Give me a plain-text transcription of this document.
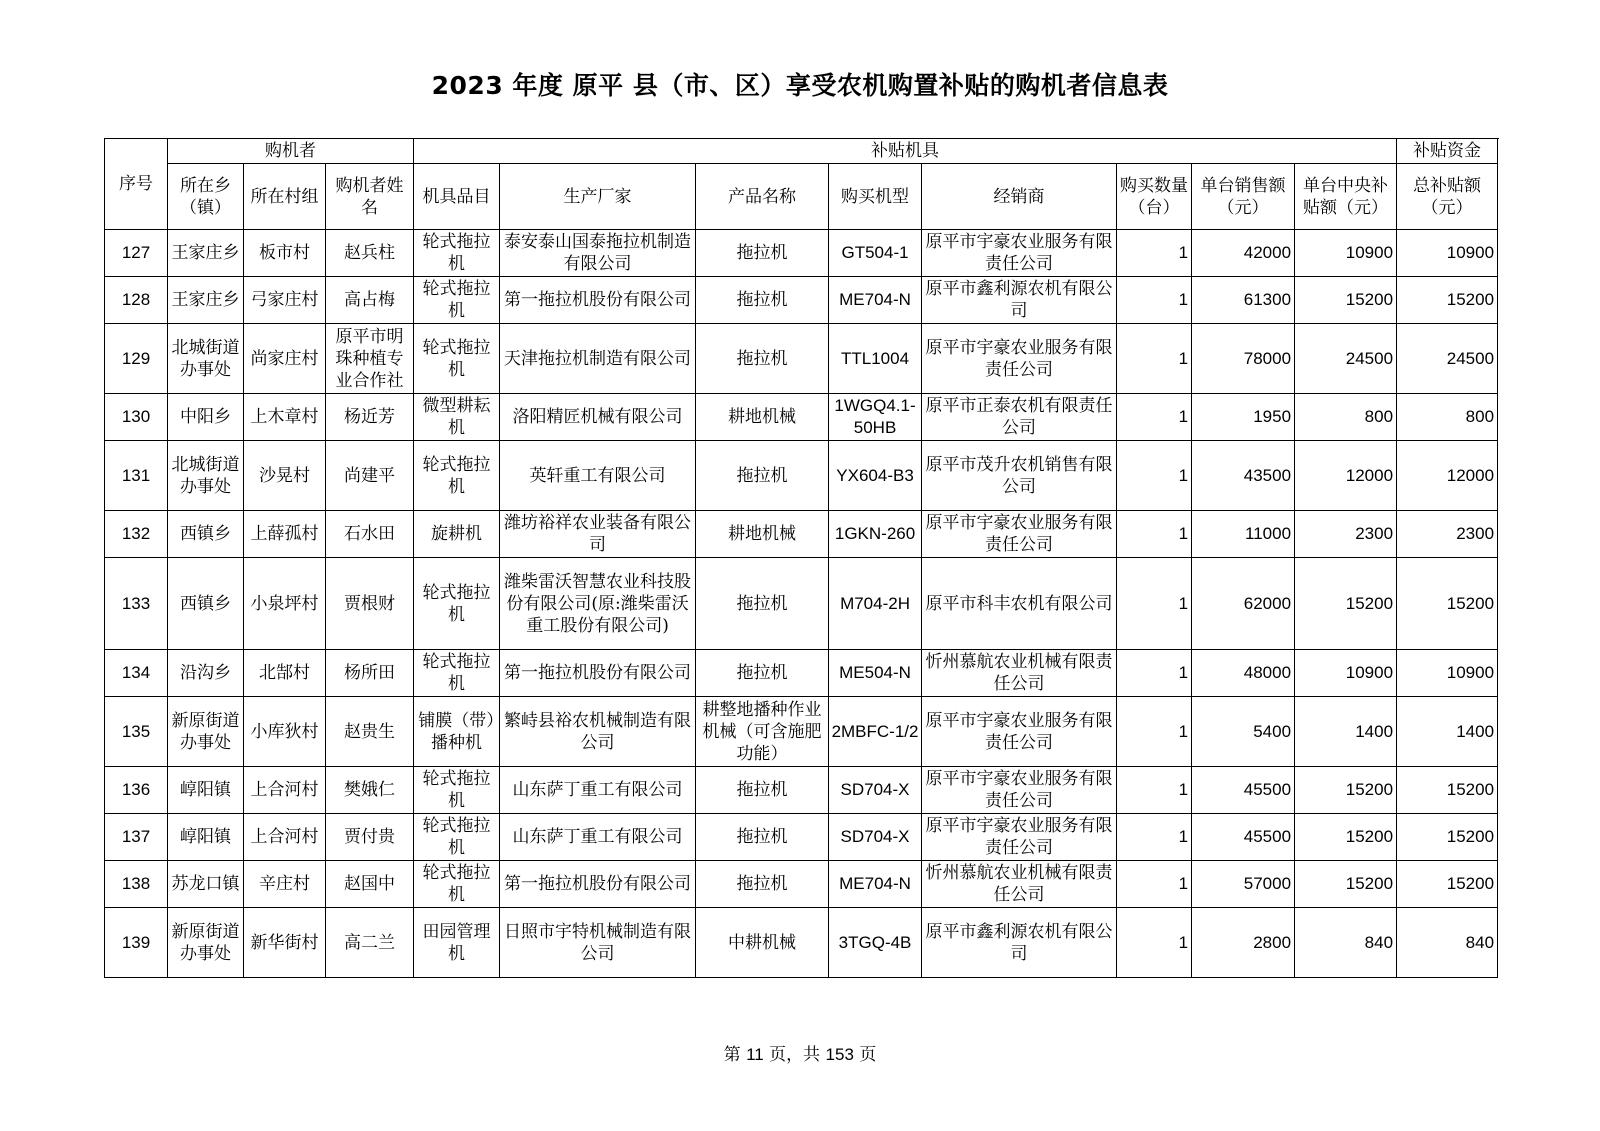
2023 年度 原平 县（市、区）享受农机购置补贴的购机者信息表
序号	购机者			补贴机具								补贴资金
	所在乡（镇）	所在村组	购机者姓名	机具品目	生产厂家	产品名称	购买机型	经销商	购买数量（台）	单台销售额（元）	单台中央补贴额（元）	总补贴额（元）
127	王家庄乡	板市村	赵兵柱	轮式拖拉机	泰安泰山国泰拖拉机制造有限公司	拖拉机	GT504-1	原平市宇豪农业服务有限责任公司	1	42000	10900	10900
128	王家庄乡	弓家庄村	高占梅	轮式拖拉机	第一拖拉机股份有限公司	拖拉机	ME704-N	原平市鑫利源农机有限公司	1	61300	15200	15200
129	北城街道办事处	尚家庄村	原平市明珠种植专业合作社	轮式拖拉机	天津拖拉机制造有限公司	拖拉机	TTL1004	原平市宇豪农业服务有限责任公司	1	78000	24500	24500
130	中阳乡	上木章村	杨近芳	微型耕耘机	洛阳精匠机械有限公司	耕地机械	1WGQ4.1-50HB	原平市正泰农机有限责任公司	1	1950	800	800
131	北城街道办事处	沙晃村	尚建平	轮式拖拉机	英轩重工有限公司	拖拉机	YX604-B3	原平市茂升农机销售有限公司	1	43500	12000	12000
132	西镇乡	上薛孤村	石水田	旋耕机	潍坊裕祥农业装备有限公司	耕地机械	1GKN-260	原平市宇豪农业服务有限责任公司	1	11000	2300	2300
133	西镇乡	小泉坪村	贾根财	轮式拖拉机	潍柴雷沃智慧农业科技股份有限公司(原:潍柴雷沃重工股份有限公司)	拖拉机	M704-2H	原平市科丰农机有限公司	1	62000	15200	15200
134	沿沟乡	北郜村	杨所田	轮式拖拉机	第一拖拉机股份有限公司	拖拉机	ME504-N	忻州慕航农业机械有限责任公司	1	48000	10900	10900
135	新原街道办事处	小库狄村	赵贵生	铺膜（带）播种机	繁峙县裕农机械制造有限公司	耕整地播种作业机械（可含施肥功能）	2MBFC-1/2	原平市宇豪农业服务有限责任公司	1	5400	1400	1400
136	崞阳镇	上合河村	樊娥仁	轮式拖拉机	山东萨丁重工有限公司	拖拉机	SD704-X	原平市宇豪农业服务有限责任公司	1	45500	15200	15200
137	崞阳镇	上合河村	贾付贵	轮式拖拉机	山东萨丁重工有限公司	拖拉机	SD704-X	原平市宇豪农业服务有限责任公司	1	45500	15200	15200
138	苏龙口镇	辛庄村	赵国中	轮式拖拉机	第一拖拉机股份有限公司	拖拉机	ME704-N	忻州慕航农业机械有限责任公司	1	57000	15200	15200
139	新原街道办事处	新华街村	高二兰	田园管理机	日照市宇特机械制造有限公司	中耕机械	3TGQ-4B	原平市鑫利源农机有限公司	1	2800	840	840
第 11 页，共 153 页
